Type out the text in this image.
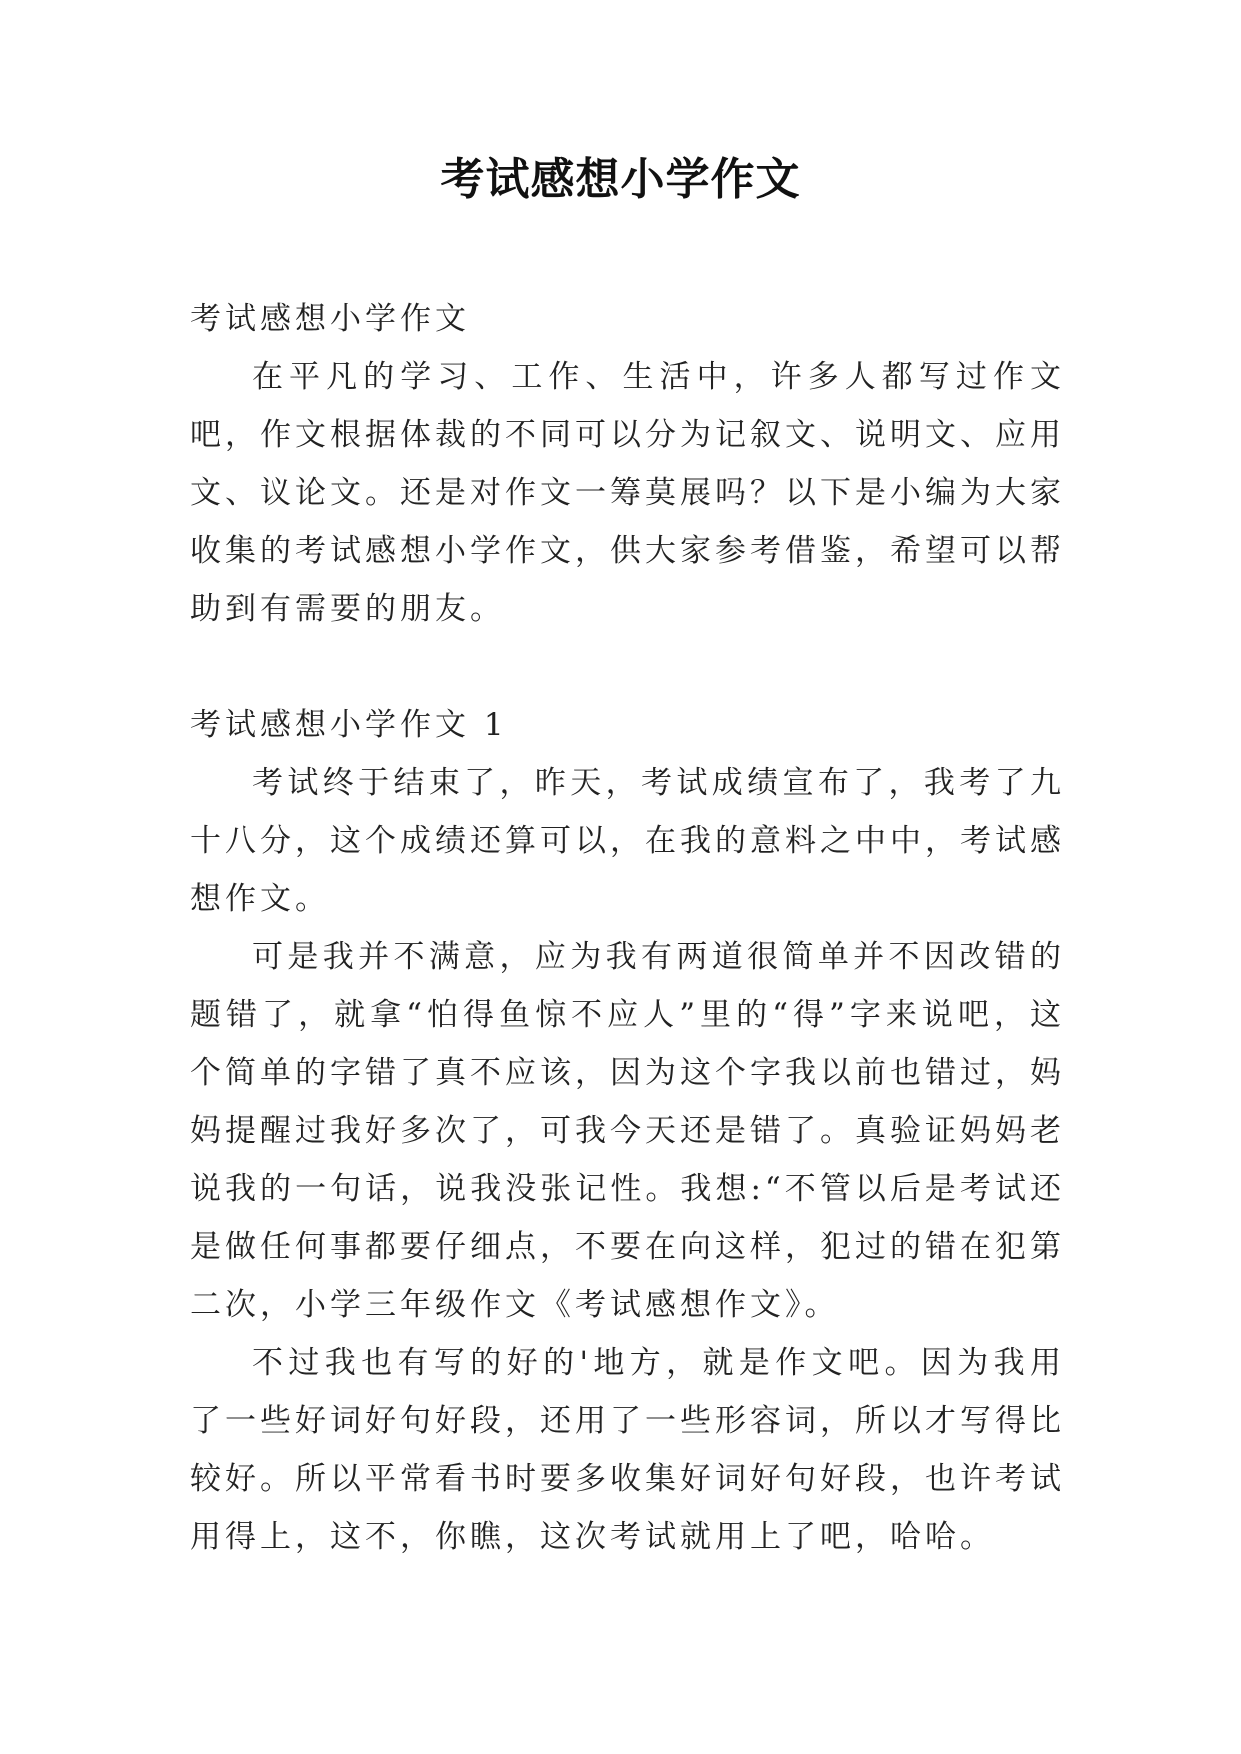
考试感想小学作文

考试感想小学作文

在平凡的学习、工作、生活中，许多人都写过作文吧，作文根据体裁的不同可以分为记叙文、说明文、应用文、议论文。还是对作文一筹莫展吗？以下是小编为大家收集的考试感想小学作文，供大家参考借鉴，希望可以帮助到有需要的朋友。

考试感想小学作文 1

考试终于结束了，昨天，考试成绩宣布了，我考了九十八分，这个成绩还算可以，在我的意料之中中，考试感想作文。

可是我并不满意，应为我有两道很简单并不因改错的题错了，就拿“怕得鱼惊不应人”里的“得”字来说吧，这个简单的字错了真不应该，因为这个字我以前也错过，妈妈提醒过我好多次了，可我今天还是错了。真验证妈妈老说我的一句话，说我没张记性。我想:“不管以后是考试还是做任何事都要仔细点，不要在向这样，犯过的错在犯第二次，小学三年级作文《考试感想作文》。

不过我也有写的好的'地方，就是作文吧。因为我用了一些好词好句好段，还用了一些形容词，所以才写得比较好。所以平常看书时要多收集好词好句好段，也许考试用得上，这不，你瞧，这次考试就用上了吧，哈哈。
